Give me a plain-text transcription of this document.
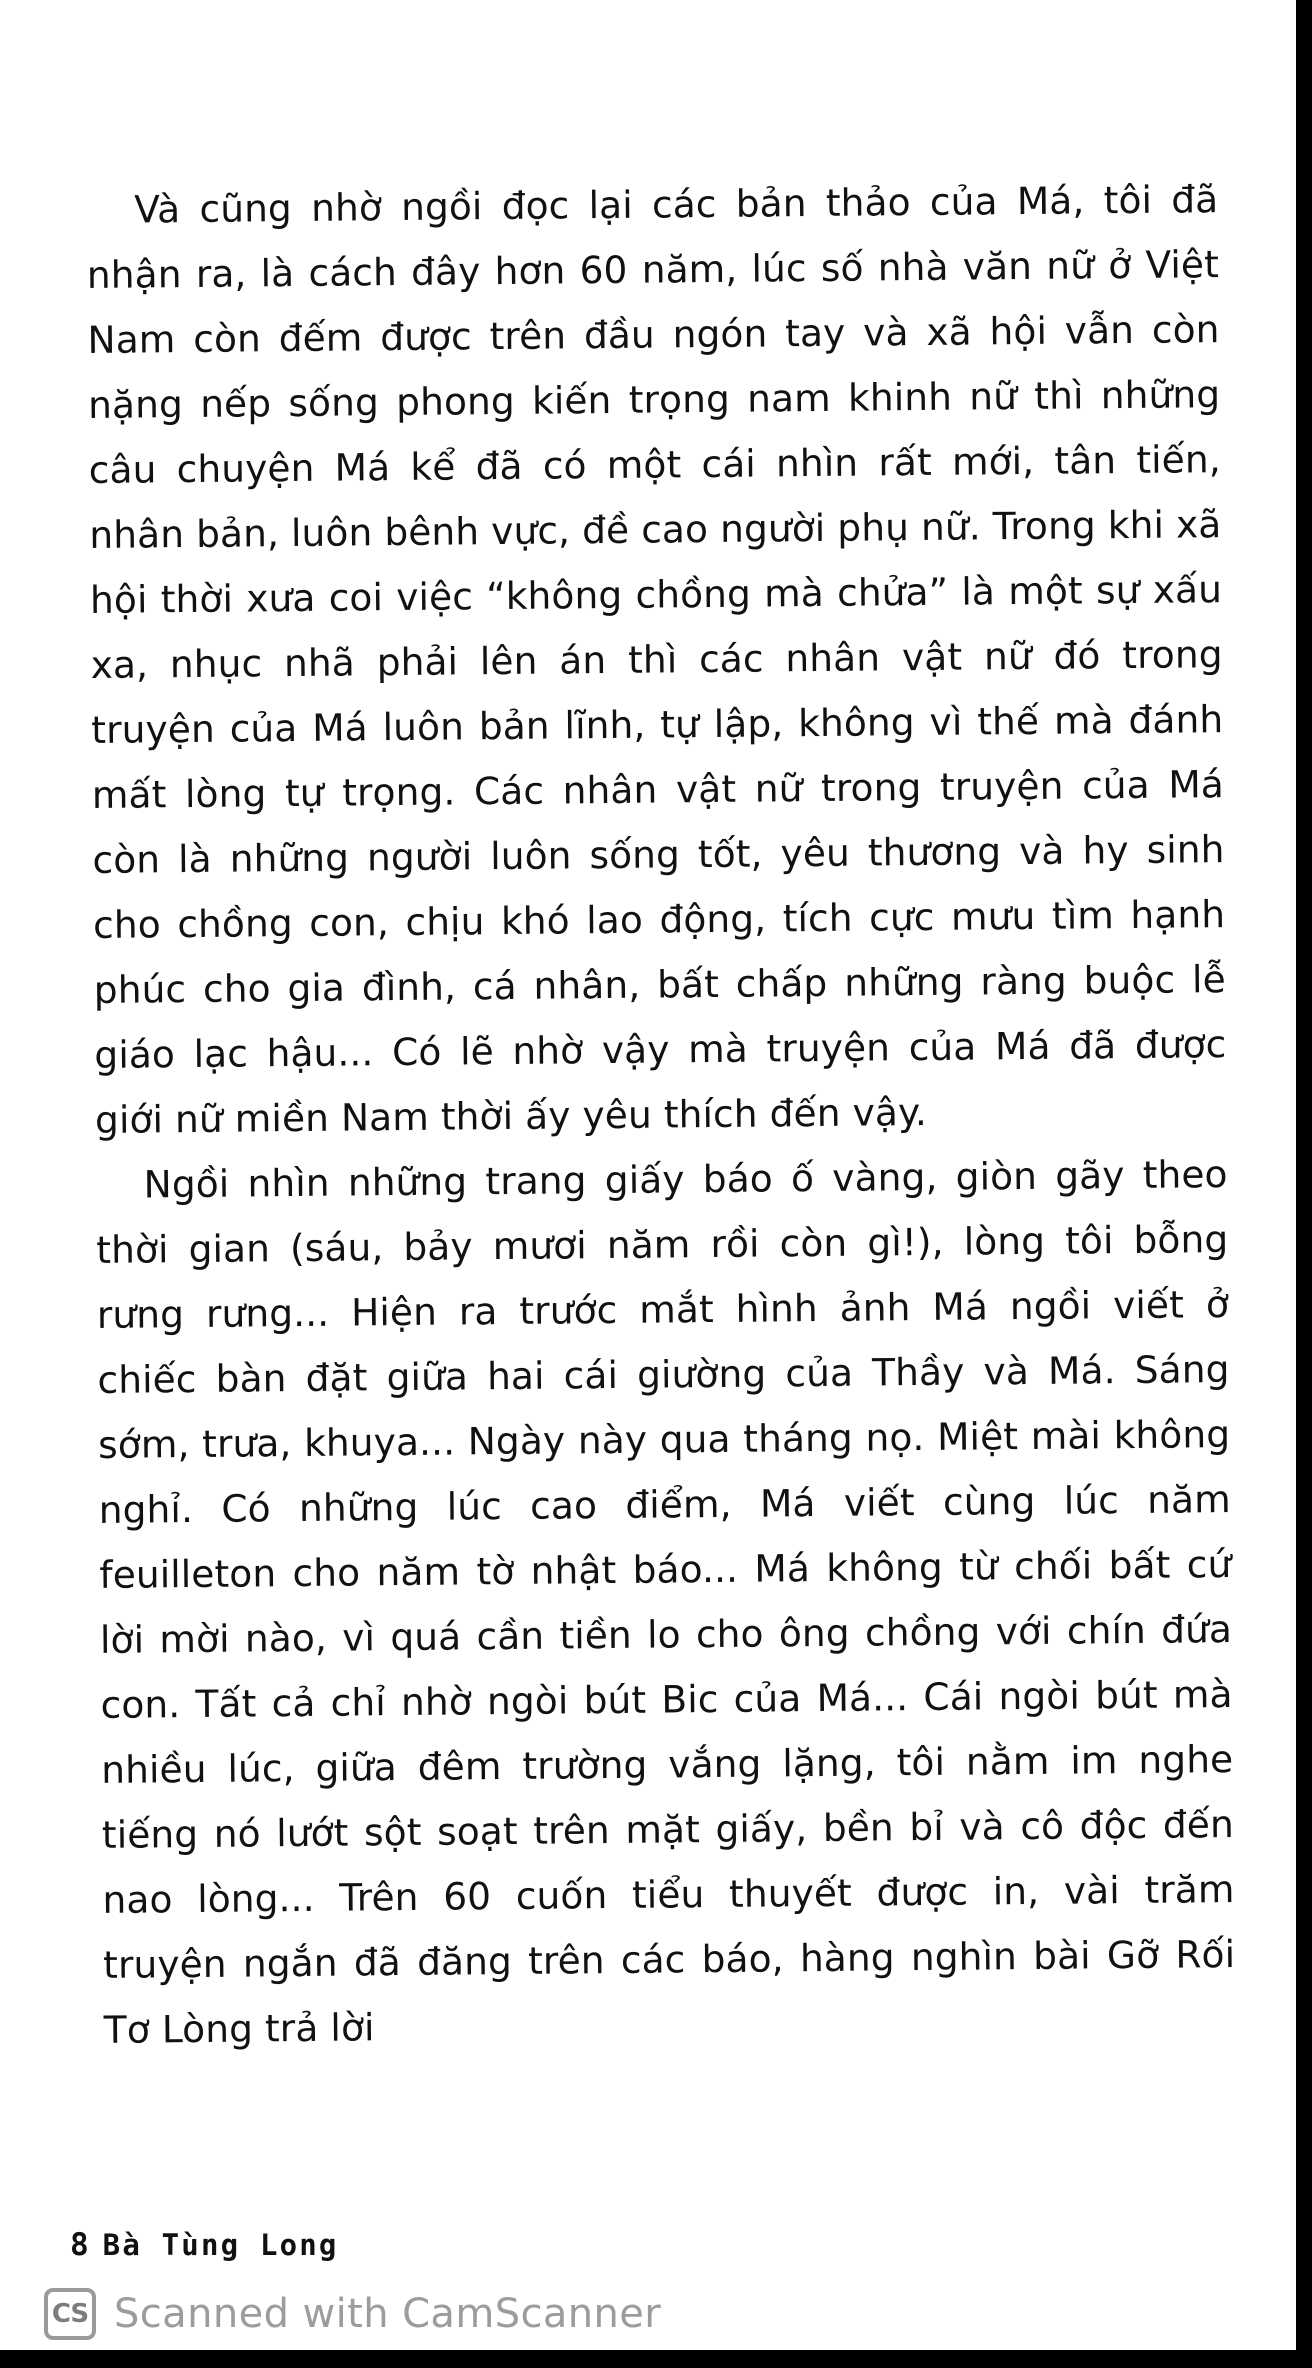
Và cũng nhờ ngồi đọc lại các bản thảo của Má, tôi đã nhận ra, là cách đây hơn 60 năm, lúc số nhà văn nữ ở Việt Nam còn đếm được trên đầu ngón tay và xã hội vẫn còn nặng nếp sống phong kiến trọng nam khinh nữ thì những câu chuyện Má kể đã có một cái nhìn rất mới, tân tiến, nhân bản, luôn bênh vực, đề cao người phụ nữ. Trong khi xã hội thời xưa coi việc “không chồng mà chửa” là một sự xấu xa, nhục nhã phải lên án thì các nhân vật nữ đó trong truyện của Má luôn bản lĩnh, tự lập, không vì thế mà đánh mất lòng tự trọng. Các nhân vật nữ trong truyện của Má còn là những người luôn sống tốt, yêu thương và hy sinh cho chồng con, chịu khó lao động, tích cực mưu tìm hạnh phúc cho gia đình, cá nhân, bất chấp những ràng buộc lễ giáo lạc hậu... Có lẽ nhờ vậy mà truyện của Má đã được giới nữ miền Nam thời ấy yêu thích đến vậy.

Ngồi nhìn những trang giấy báo ố vàng, giòn gãy theo thời gian (sáu, bảy mươi năm rồi còn gì!), lòng tôi bỗng rưng rưng... Hiện ra trước mắt hình ảnh Má ngồi viết ở chiếc bàn đặt giữa hai cái giường của Thầy và Má. Sáng sớm, trưa, khuya... Ngày này qua tháng nọ. Miệt mài không nghỉ. Có những lúc cao điểm, Má viết cùng lúc năm feuilleton cho năm tờ nhật báo... Má không từ chối bất cứ lời mời nào, vì quá cần tiền lo cho ông chồng với chín đứa con. Tất cả chỉ nhờ ngòi bút Bic của Má... Cái ngòi bút mà nhiều lúc, giữa đêm trường vắng lặng, tôi nằm im nghe tiếng nó lướt sột soạt trên mặt giấy, bền bỉ và cô độc đến nao lòng... Trên 60 cuốn tiểu thuyết được in, vài trăm truyện ngắn đã đăng trên các báo, hàng nghìn bài Gỡ Rối Tơ Lòng trả lời

8 Bà Tùng Long
CS Scanned with CamScanner
